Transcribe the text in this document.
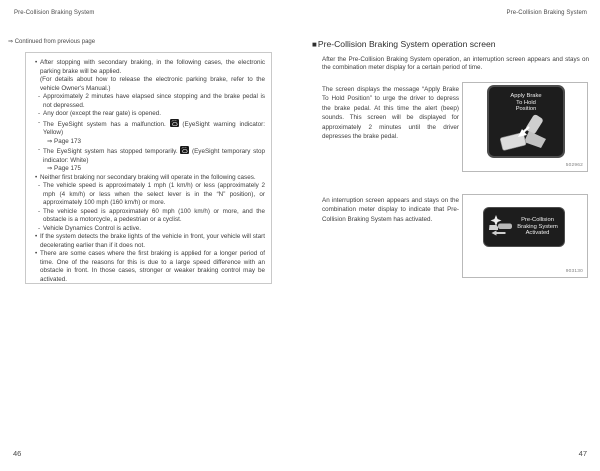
Pre-Collision Braking System
⇒ Continued from previous page
• After stopping with secondary braking, in the following cases, the electronic parking brake will be applied.
(For details about how to release the electronic parking brake, refer to the vehicle Owner's Manual.)
- Approximately 2 minutes have elapsed since stopping and the brake pedal is not depressed.
- Any door (except the rear gate) is opened.
- The EyeSight system has a malfunction.  (EyeSight warning indicator: Yellow)
⇒ Page 173
- The EyeSight system has stopped temporarily.  (EyeSight temporary stop indicator: White)
⇒ Page 175
• Neither first braking nor secondary braking will operate in the following cases.
- The vehicle speed is approximately 1 mph (1 km/h) or less (approximately 2 mph (4 km/h) or less when the select lever is in the “N” position), or approximately 100 mph (160 km/h) or more.
- The vehicle speed is approximately 60 mph (100 km/h) or more, and the obstacle is a motorcycle, a pedestrian or a cyclist.
- Vehicle Dynamics Control is active.
• If the system detects the brake lights of the vehicle in front, your vehicle will start decelerating earlier than if it does not.
• There are some cases where the first braking is applied for a longer period of time. One of the reasons for this is due to a large speed difference with an obstacle in front. In those cases, stronger or weaker braking control may be activated.
46
Pre-Collision Braking System
■Pre-Collision Braking System operation screen
After the Pre-Collision Braking System operation, an interruption screen appears and stays on the combination meter display for a certain period of time.
The screen displays the message “Apply Brake To Hold Position” to urge the driver to depress the brake pedal. At this time the alert (beep) sounds. This screen will be displayed for approximately 2 minutes until the driver depresses the brake pedal.
Apply Brake
To Hold
Position
502962
An interruption screen appears and stays on the combination meter display to indicate that Pre-Collision Braking System has activated.	Pre-Collision
Braking System
Activated
903130
47
